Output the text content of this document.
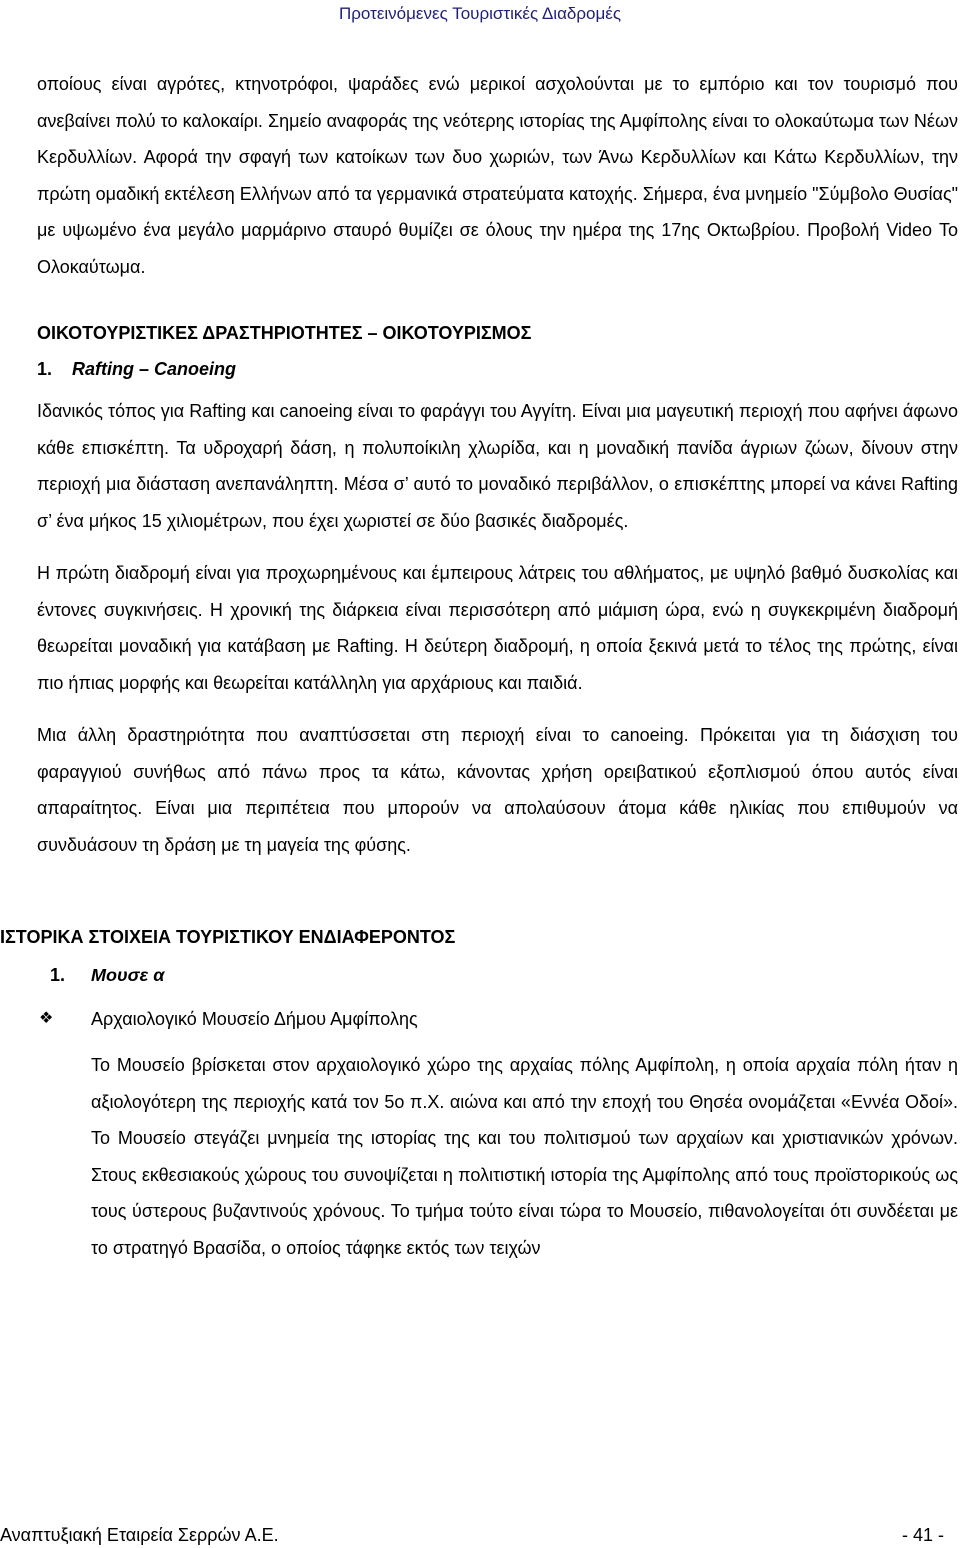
Προτεινόμενες Τουριστικές Διαδρομές

οποίους είναι αγρότες, κτηνοτρόφοι, ψαράδες ενώ μερικοί ασχολούνται με το εμπόριο και τον τουρισμό που ανεβαίνει πολύ το καλοκαίρι. Σημείο αναφοράς της νεότερης ιστορίας της Αμφίπολης είναι το ολοκαύτωμα των Νέων Κερδυλλίων. Αφορά την σφαγή των κατοίκων των δυο χωριών, των Άνω Κερδυλλίων και Κάτω Κερδυλλίων, την πρώτη ομαδική εκτέλεση Ελλήνων από τα γερμανικά στρατεύματα κατοχής. Σήμερα, ένα μνημείο "Σύμβολο Θυσίας" με υψωμένο ένα μεγάλο μαρμάρινο σταυρό θυμίζει σε όλους την ημέρα της 17ης Οκτωβρίου. Προβολή Video Το Ολοκαύτωμα.

ΟΙΚΟΤΟΥΡΙΣΤΙΚΕΣ ΔΡΑΣΤΗΡΙΟΤΗΤΕΣ – ΟΙΚΟΤΟΥΡΙΣΜΟΣ
1. Rafting – Canoeing

Ιδανικός τόπος για Rafting και canoeing είναι το φαράγγι του Αγγίτη. Είναι μια μαγευτική περιοχή που αφήνει άφωνο κάθε επισκέπτη. Τα υδροχαρή δάση, η πολυποίκιλη χλωρίδα, και η μοναδική πανίδα άγριων ζώων, δίνουν στην περιοχή μια διάσταση ανεπανάληπτη. Μέσα σ’ αυτό το μοναδικό περιβάλλον, ο επισκέπτης μπορεί να κάνει Rafting σ’ ένα μήκος 15 χιλιομέτρων, που έχει χωριστεί σε δύο βασικές διαδρομές.

Η πρώτη διαδρομή είναι για προχωρημένους και έμπειρους λάτρεις του αθλήματος, με υψηλό βαθμό δυσκολίας και έντονες συγκινήσεις. Η χρονική της διάρκεια είναι περισσότερη από μιάμιση ώρα, ενώ η συγκεκριμένη διαδρομή θεωρείται μοναδική για κατάβαση με Rafting. Η δεύτερη διαδρομή, η οποία ξεκινά μετά το τέλος της πρώτης, είναι πιο ήπιας μορφής και θεωρείται κατάλληλη για αρχάριους και παιδιά.

Μια άλλη δραστηριότητα που αναπτύσσεται στη περιοχή είναι το canoeing. Πρόκειται για τη διάσχιση του φαραγγιού συνήθως από πάνω προς τα κάτω, κάνοντας χρήση ορειβατικού εξοπλισμού όπου αυτός είναι απαραίτητος. Είναι μια περιπέτεια που μπορούν να απολαύσουν άτομα κάθε ηλικίας που επιθυμούν να συνδυάσουν τη δράση με τη μαγεία της φύσης.

ΙΣΤΟΡΙΚΑ ΣΤΟΙΧΕΙΑ ΤΟΥΡΙΣΤΙΚΟΥ ΕΝΔΙΑΦΕΡΟΝΤΟΣ
1. Μουσε α
❖	Αρχαιολογικό Μουσείο Δήμου Αμφίπολης

Το Μουσείο βρίσκεται στον αρχαιολογικό χώρο της αρχαίας πόλης Αμφίπολη, η οποία αρχαία πόλη ήταν η αξιολογότερη της περιοχής κατά τον 5ο π.Χ. αιώνα και από την εποχή του Θησέα ονομάζεται «Εννέα Οδοί». Το Μουσείο στεγάζει μνημεία της ιστορίας της και του πολιτισμού των αρχαίων και χριστιανικών χρόνων. Στους εκθεσιακούς χώρους του συνοψίζεται η πολιτιστική ιστορία της Αμφίπολης από τους προϊστορικούς ως τους ύστερους βυζαντινούς χρόνους. Το τμήμα τούτο είναι τώρα το Μουσείο, πιθανολογείται ότι συνδέεται με το στρατηγό Βρασίδα, ο οποίος τάφηκε εκτός των τειχών

Αναπτυξιακή Εταιρεία Σερρών Α.Ε.	- 41 -
